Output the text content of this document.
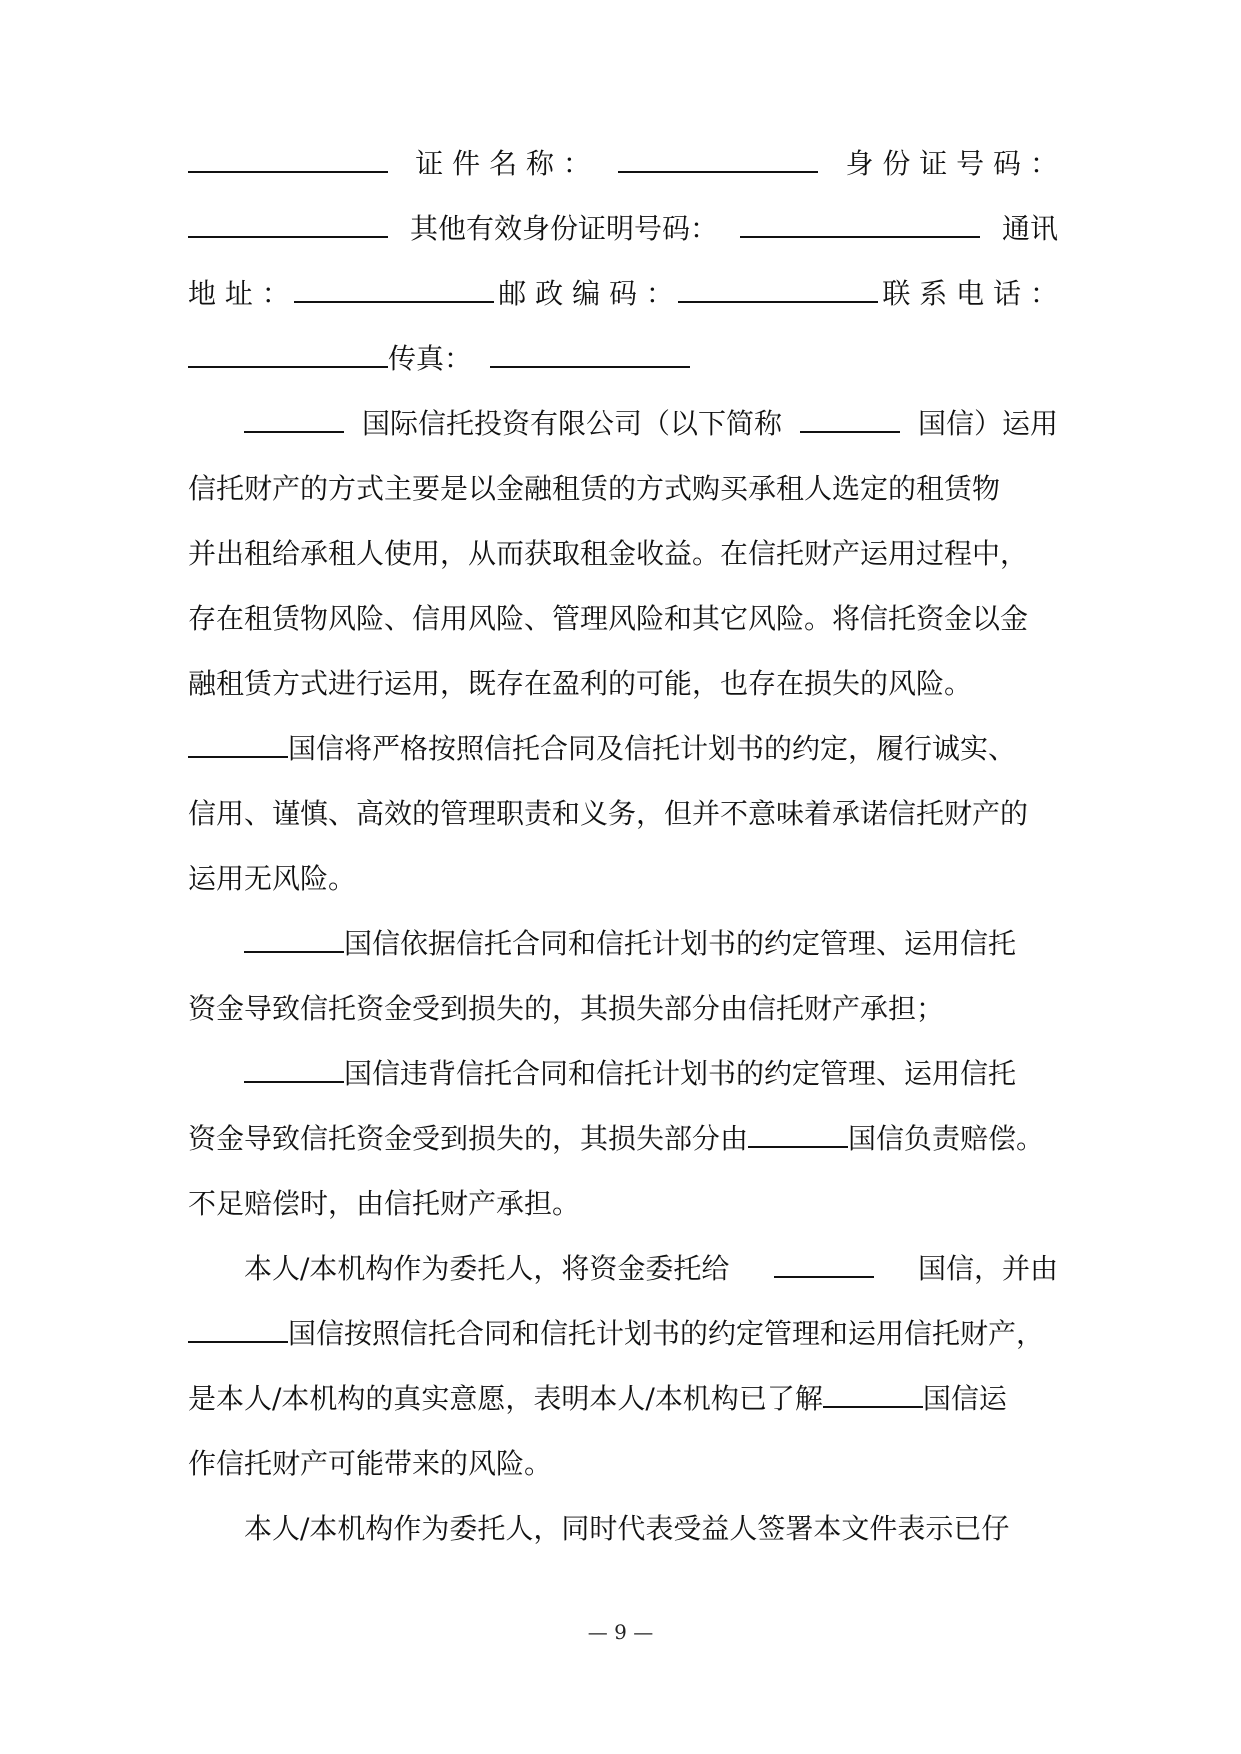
证 件 名 称 ：	身 份 证 号 码 ：
其他有效身份证明号码：	通讯
地 址 ：	邮 政 编 码 ：	联 系 电 话 ：
传真：
国际信托投资有限公司（以下简称	国信）运用
信托财产的方式主要是以金融租赁的方式购买承租人选定的租赁物
并出租给承租人使用，从而获取租金收益。在信托财产运用过程中，
存在租赁物风险、信用风险、管理风险和其它风险。将信托资金以金
融租赁方式进行运用，既存在盈利的可能，也存在损失的风险。
国信将严格按照信托合同及信托计划书的约定，履行诚实、
信用、谨慎、高效的管理职责和义务，但并不意味着承诺信托财产的
运用无风险。
国信依据信托合同和信托计划书的约定管理、运用信托
资金导致信托资金受到损失的，其损失部分由信托财产承担；
国信违背信托合同和信托计划书的约定管理、运用信托
资金导致信托资金受到损失的，其损失部分由	国信负责赔偿。
不足赔偿时，由信托财产承担。
本人/本机构作为委托人，将资金委托给	国信，并由
国信按照信托合同和信托计划书的约定管理和运用信托财产，
是本人/本机构的真实意愿，表明本人/本机构已了解	国信运
作信托财产可能带来的风险。
本人/本机构作为委托人，同时代表受益人签署本文件表示已仔
— 9 —
